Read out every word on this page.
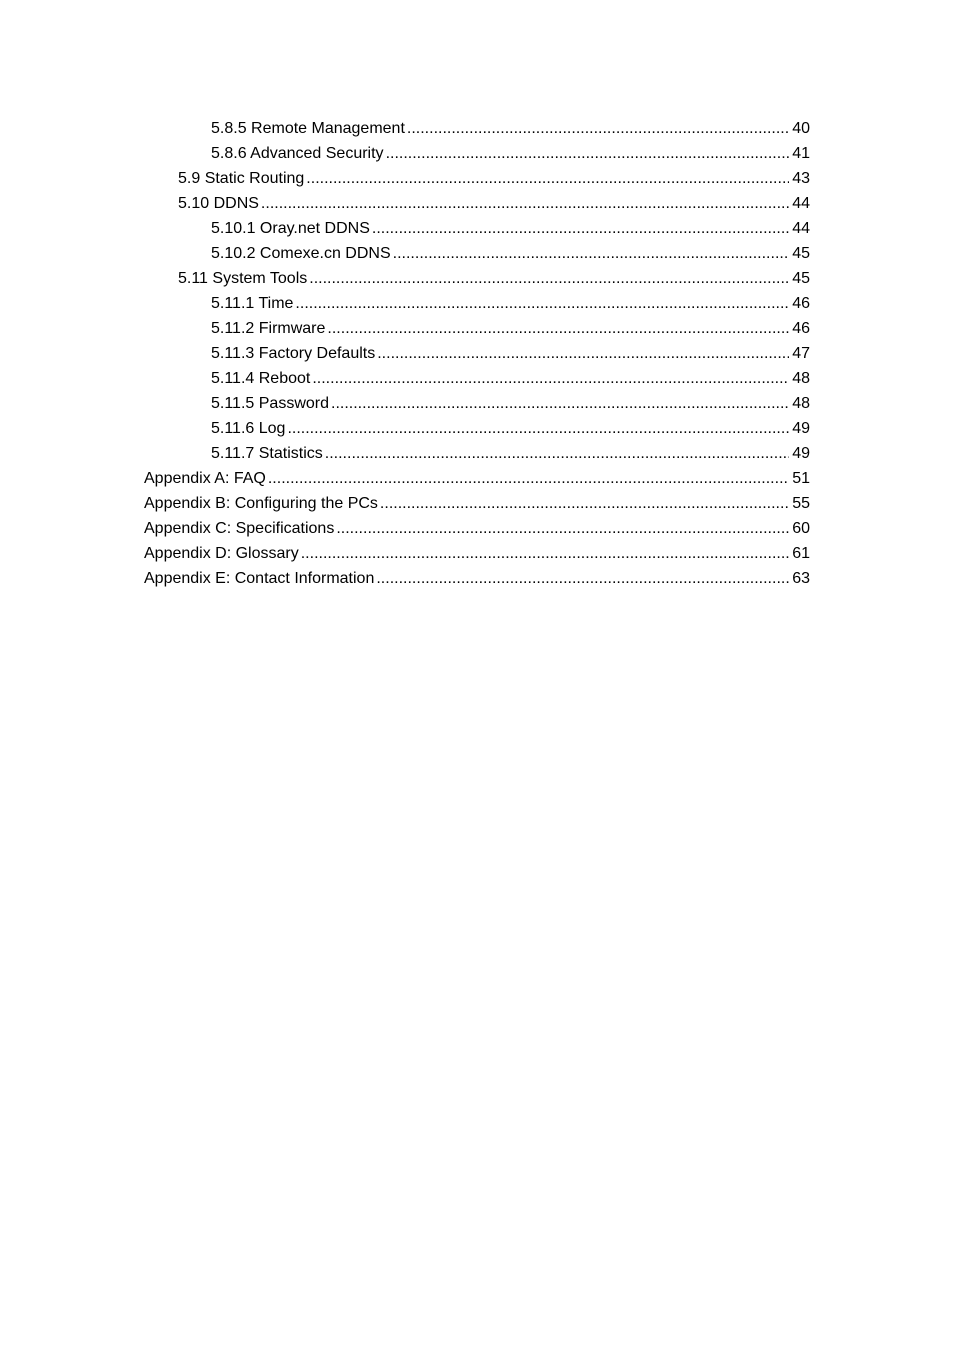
5.8.5 Remote Management .....	40
5.8.6 Advanced Security .....	41
5.9 Static Routing .....	43
5.10 DDNS .....	44
5.10.1 Oray.net DDNS .....	44
5.10.2 Comexe.cn DDNS .....	45
5.11 System Tools .....	45
5.11.1 Time .....	46
5.11.2 Firmware .....	46
5.11.3 Factory Defaults .....	47
5.11.4 Reboot .....	48
5.11.5 Password .....	48
5.11.6 Log .....	49
5.11.7 Statistics .....	49
Appendix A: FAQ .....	51
Appendix B: Configuring the PCs .....	55
Appendix C: Specifications .....	60
Appendix D: Glossary .....	61
Appendix E: Contact Information .....	63
